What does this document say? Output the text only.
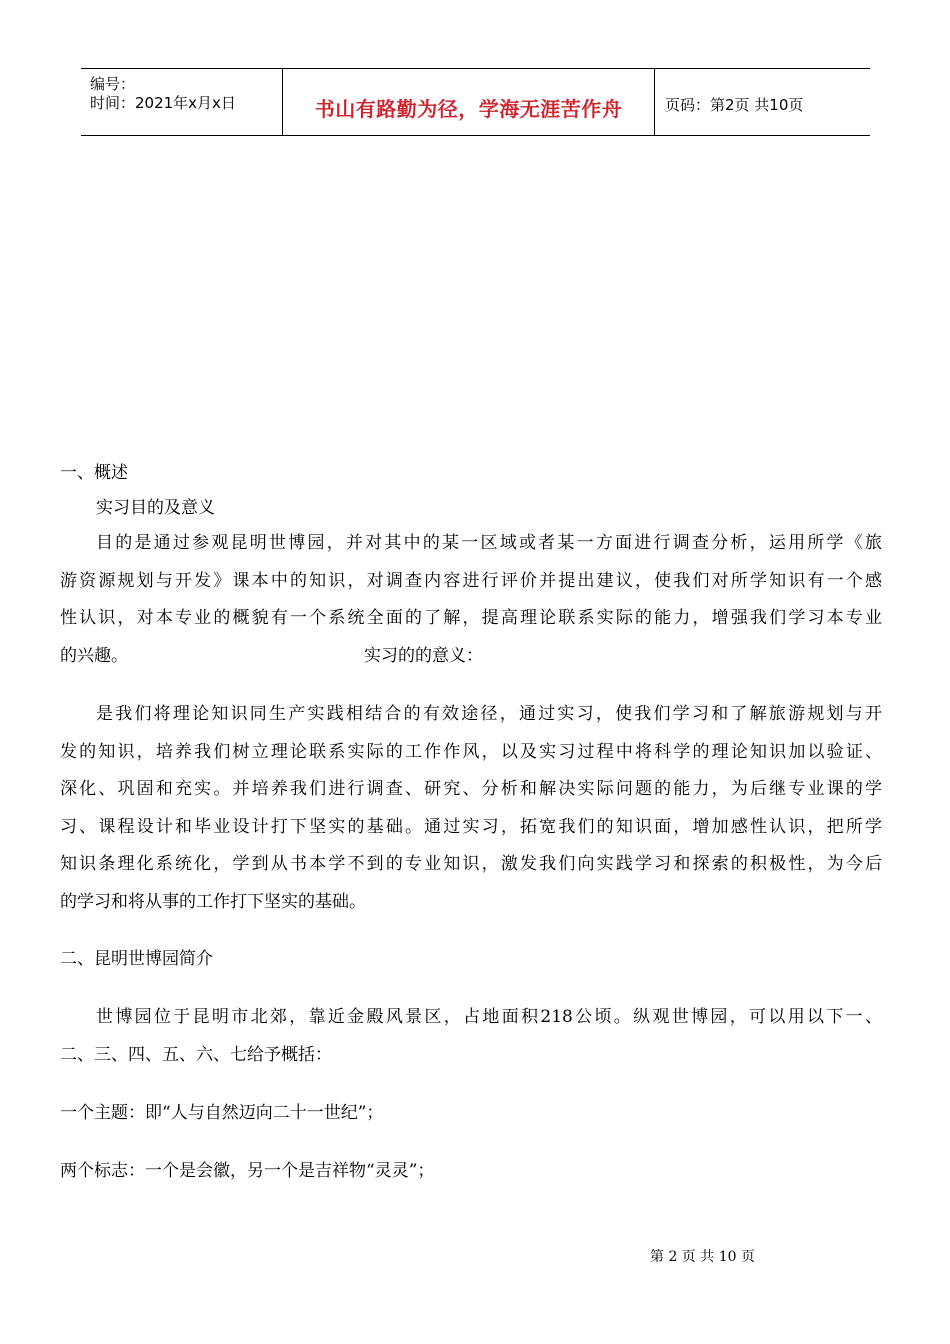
编号：
时间：2021年x月x日	书山有路勤为径，学海无涯苦作舟	页码：第2页 共10页
一、概述
实习目的及意义
目的是通过参观昆明世博园，并对其中的某一区域或者某一方面进行调查分析，运用所学《旅
游资源规划与开发》课本中的知识，对调查内容进行评价并提出建议，使我们对所学知识有一个感
性认识，对本专业的概貌有一个系统全面的了解，提高理论联系实际的能力，增强我们学习本专业
的兴趣。	实习的的意义：
是我们将理论知识同生产实践相结合的有效途径，通过实习，使我们学习和了解旅游规划与开
发的知识，培养我们树立理论联系实际的工作作风，以及实习过程中将科学的理论知识加以验证、
深化、巩固和充实。并培养我们进行调查、研究、分析和解决实际问题的能力，为后继专业课的学
习、课程设计和毕业设计打下坚实的基础。通过实习，拓宽我们的知识面，增加感性认识，把所学
知识条理化系统化，学到从书本学不到的专业知识，激发我们向实践学习和探索的积极性，为今后
的学习和将从事的工作打下坚实的基础。
二、昆明世博园简介
世博园位于昆明市北郊，靠近金殿风景区，占地面积218公顷。纵观世博园，可以用以下一、
二、三、四、五、六、七给予概括：
一个主题：即“人与自然迈向二十一世纪”；
两个标志：一个是会徽，另一个是吉祥物“灵灵”；
第 2 页 共 10 页
